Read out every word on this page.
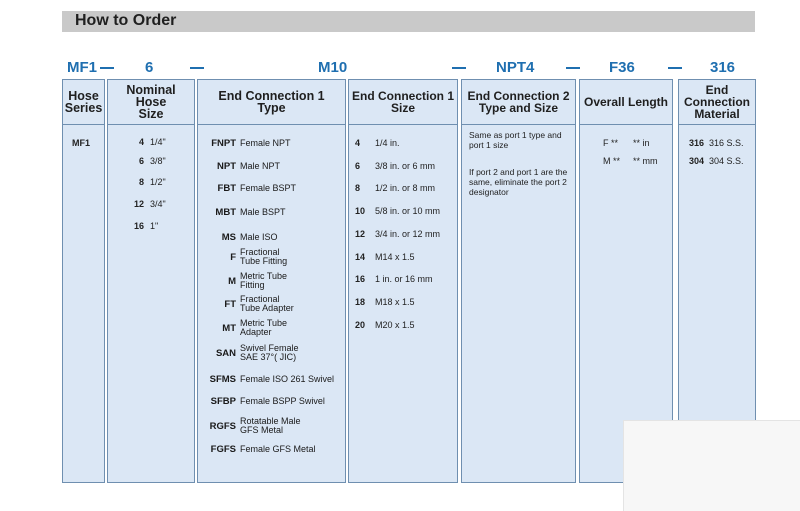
How to Order
MF1	6	M10	NPT4	F36	316
Hose Series
MF1
Nominal Hose Size
4 1/4"
6 3/8"
8 1/2"
12 3/4"
16 1"
End Connection 1 Type
FNPT Female NPT
NPT Male NPT
FBT Female BSPT
MBT Male BSPT
MS Male ISO
F Fractional Tube Fitting
M Metric Tube Fitting
FT Fractional Tube Adapter
MT Metric Tube Adapter
SAN Swivel Female SAE 37°( JIC)
SFMS Female ISO 261 Swivel
SFBP Female BSPP Swivel
RGFS Rotatable Male GFS Metal
FGFS Female GFS Metal
End Connection 1 Size
4 1/4 in.
6 3/8 in. or 6 mm
8 1/2 in. or 8 mm
10 5/8 in. or 10 mm
12 3/4 in. or 12 mm
14 M14 x 1.5
16 1 in. or 16 mm
18 M18 x 1.5
20 M20 x 1.5
End Connection 2 Type and Size
Same as port 1 type and port 1 size
If port 2 and port 1 are the same, eliminate the port 2 designator
Overall Length
F ** ** in
M ** ** mm
End Connection Material
316 316 S.S.
304 304 S.S.
